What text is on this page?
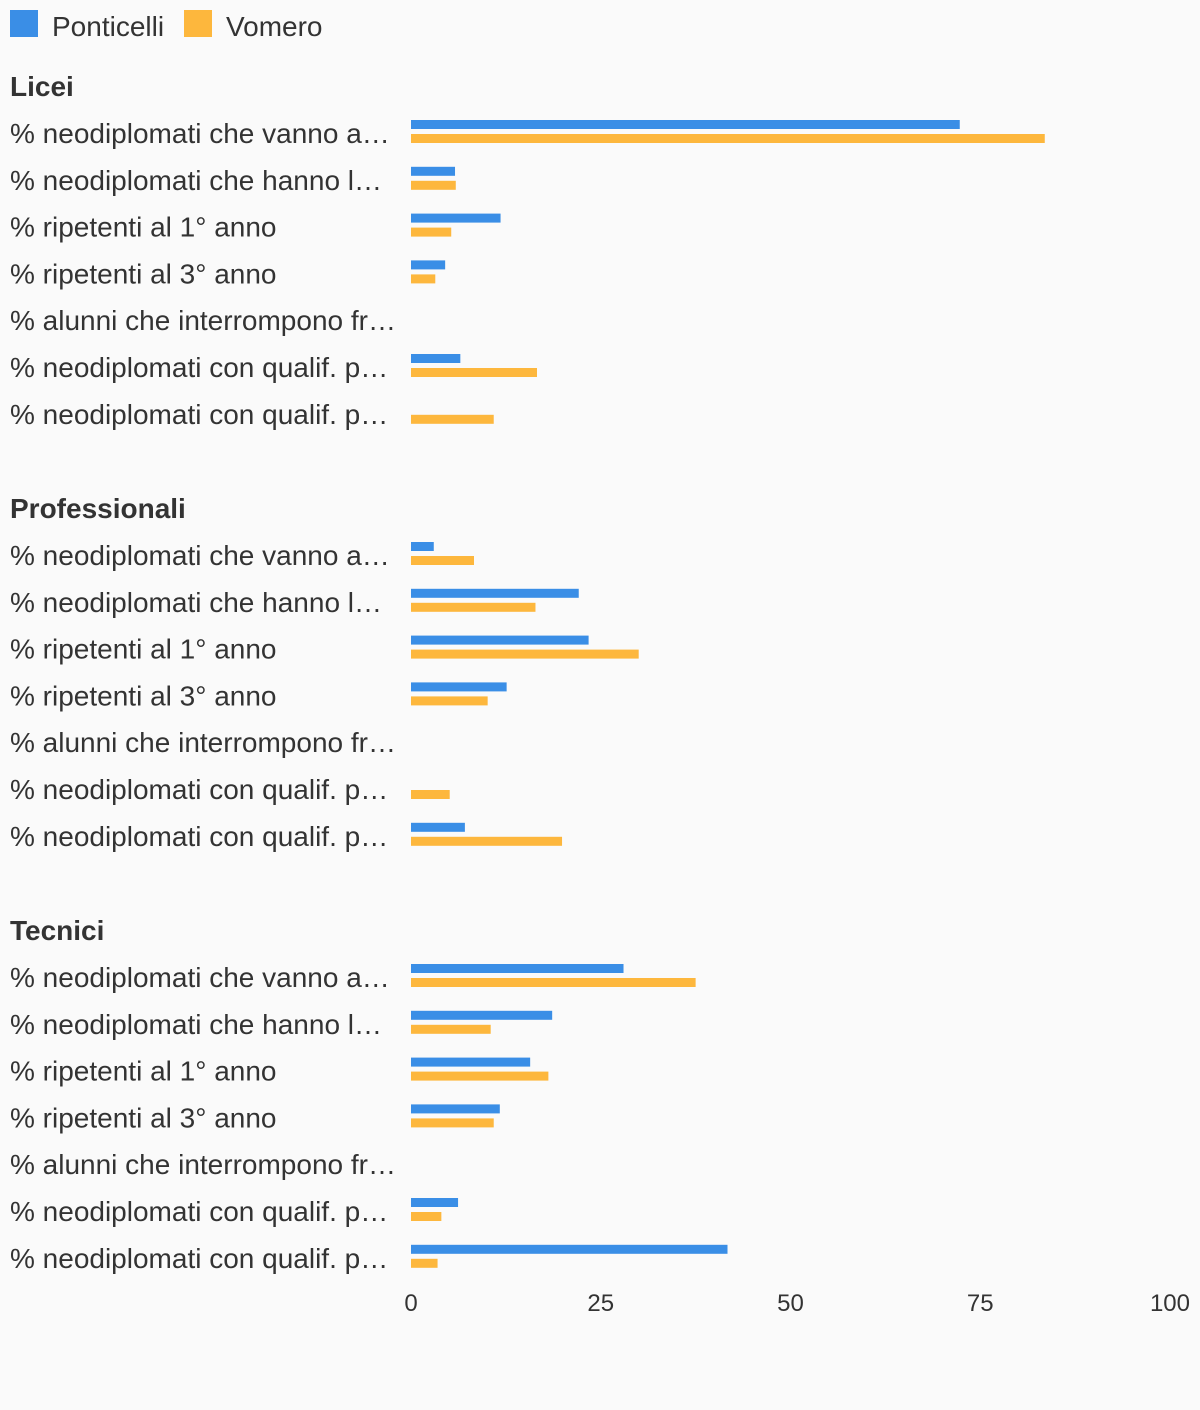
Ponticelli Vomero
Licei
% neodiplomati che vanno a…
% neodiplomati che hanno l…
% ripetenti al 1° anno
% ripetenti al 3° anno
% alunni che interrompono fr…
% neodiplomati con qualif. p…
% neodiplomati con qualif. p…
Professionali
% neodiplomati che vanno a…
% neodiplomati che hanno l…
% ripetenti al 1° anno
% ripetenti al 3° anno
% alunni che interrompono fr…
% neodiplomati con qualif. p…
% neodiplomati con qualif. p…
Tecnici
% neodiplomati che vanno a…
% neodiplomati che hanno l…
% ripetenti al 1° anno
% ripetenti al 3° anno
% alunni che interrompono fr…
% neodiplomati con qualif. p…
% neodiplomati con qualif. p…
0	25	50	75	100
